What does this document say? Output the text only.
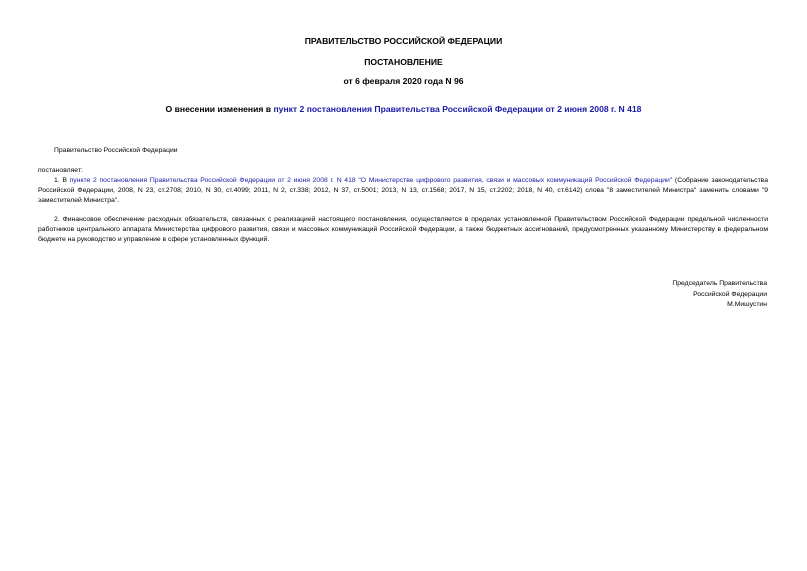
ПРАВИТЕЛЬСТВО РОССИЙСКОЙ ФЕДЕРАЦИИ
ПОСТАНОВЛЕНИЕ
от 6 февраля 2020 года N 96
О внесении изменения в пункт 2 постановления Правительства Российской Федерации от 2 июня 2008 г. N 418
Правительство Российской Федерации
постановляет:
1. В пункте 2 постановления Правительства Российской Федерации от 2 июня 2008 г. N 418 "О Министерстве цифрового развития, связи и массовых коммуникаций Российской Федерации" (Собрание законодательства Российской Федерации, 2008, N 23, ст.2708; 2010, N 30, ст.4099; 2011, N 2, ст.338; 2012, N 37, ст.5001; 2013, N 13, ст.1568; 2017, N 15, ст.2202; 2018, N 40, ст.6142) слова "8 заместителей Министра" заменить словами "9 заместителей Министра".
2. Финансовое обеспечение расходных обязательств, связанных с реализацией настоящего постановления, осуществляется в пределах установленной Правительством Российской Федерации предельной численности работников центрального аппарата Министерства цифрового развития, связи и массовых коммуникаций Российской Федерации, а также бюджетных ассигнований, предусмотренных указанному Министерству в федеральном бюджете на руководство и управление в сфере установленных функций.
Председатель Правительства
Российской Федерации
М.Мишустин
